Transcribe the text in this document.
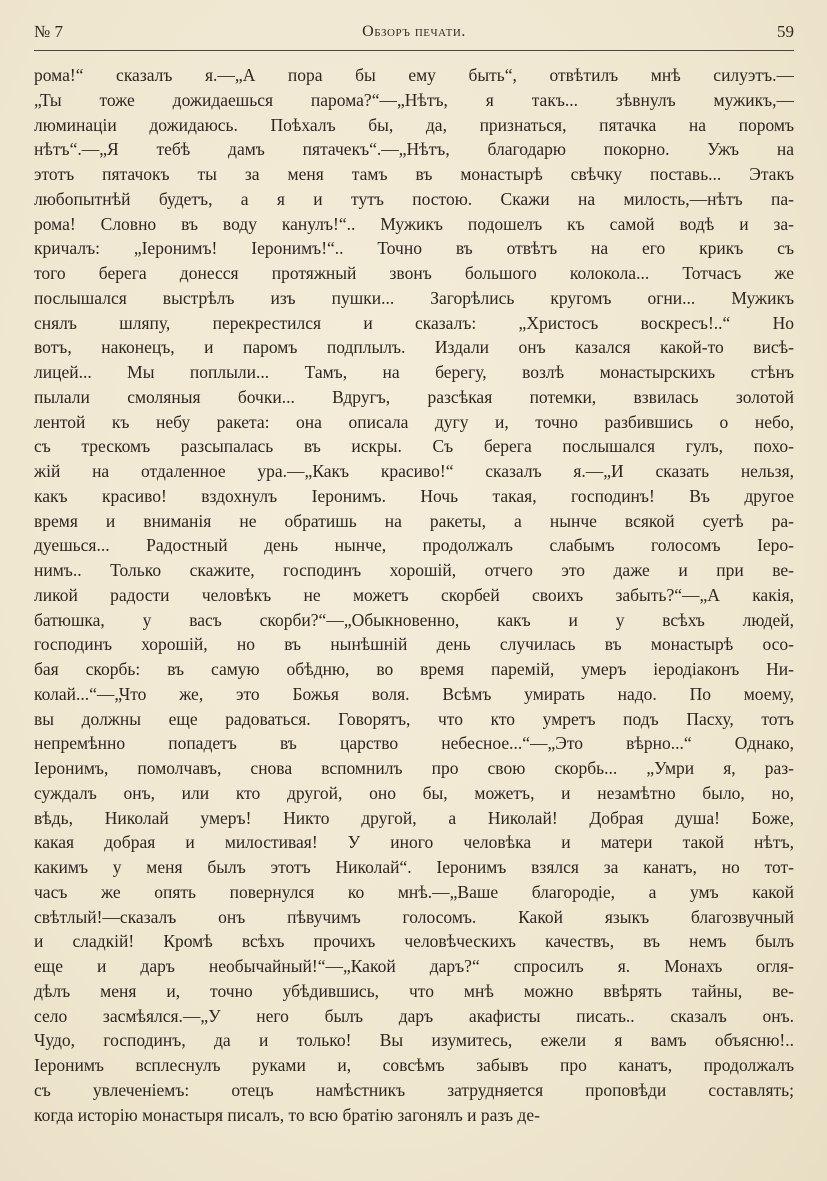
№ 7	Обзоръ печати.	59
рома!“ сказалъ я.—„А пора бы ему быть“, отвѣтилъ мнѣ силуэтъ.—
„Ты тоже дожидаешься парома?“—„Нѣтъ, я такъ... зѣвнулъ мужикъ,—
люминаціи дожидаюсь. Поѣхалъ бы, да, признаться, пятачка на поромъ
нѣтъ“.—„Я тебѣ дамъ пятачекъ“.—„Нѣтъ, благодарю покорно. Ужъ на
этотъ пятачокъ ты за меня тамъ въ монастырѣ свѣчку поставь... Этакъ
любопытнѣй будетъ, а я и тутъ постою. Скажи на милость,—нѣтъ па-
рома! Словно въ воду канулъ!“.. Мужикъ подошелъ къ самой водѣ и за-
кричалъ: „Іеронимъ! Іеронимъ!“.. Точно въ отвѣтъ на его крикъ съ
того берега донесся протяжный звонъ большого колокола... Тотчасъ же
послышался выстрѣлъ изъ пушки... Загорѣлись кругомъ огни... Мужикъ
снялъ шляпу, перекрестился и сказалъ: „Христосъ воскресъ!..“ Но
вотъ, наконецъ, и паромъ подплылъ. Издали онъ казался какой-то висѣ-
лицей... Мы поплыли... Тамъ, на берегу, возлѣ монастырскихъ стѣнъ
пылали смоляныя бочки... Вдругъ, разсѣкая потемки, взвилась золотой
лентой къ небу ракета: она описала дугу и, точно разбившись о небо,
съ трескомъ разсыпалась въ искры. Съ берега послышался гулъ, похо-
жій на отдаленное ура.—„Какъ красиво!“ сказалъ я.—„И сказать нельзя,
какъ красиво! вздохнулъ Іеронимъ. Ночь такая, господинъ! Въ другое
время и вниманія не обратишь на ракеты, а нынче всякой суетѣ ра-
дуешься... Радостный день нынче, продолжалъ слабымъ голосомъ Іеро-
нимъ.. Только скажите, господинъ хорошій, отчего это даже и при ве-
ликой радости человѣкъ не можетъ скорбей своихъ забыть?“—„А какія,
батюшка, у васъ скорби?“—„Обыкновенно, какъ и у всѣхъ людей,
господинъ хорошій, но въ нынѣшній день случилась въ монастырѣ осо-
бая скорбь: въ самую обѣдню, во время паремій, умеръ іеродіаконъ Ни-
колай...“—„Что же, это Божья воля. Всѣмъ умирать надо. По моему,
вы должны еще радоваться. Говорятъ, что кто умретъ подъ Пасху, тотъ
непремѣнно попадетъ въ царство небесное...“—„Это вѣрно...“ Однако,
Іеронимъ, помолчавъ, снова вспомнилъ про свою скорбь... „Умри я, раз-
суждалъ онъ, или кто другой, оно бы, можетъ, и незамѣтно было, но,
вѣдь, Николай умеръ! Никто другой, а Николай! Добрая душа! Боже,
какая добрая и милостивая! У иного человѣка и матери такой нѣтъ,
какимъ у меня былъ этотъ Николай“. Іеронимъ взялся за канатъ, но тот-
часъ же опять повернулся ко мнѣ.—„Ваше благородіе, а умъ какой
свѣтлый!—сказалъ онъ пѣвучимъ голосомъ. Какой языкъ благозвучный
и сладкій! Кромѣ всѣхъ прочихъ человѣческихъ качествъ, въ немъ былъ
еще и даръ необычайный!“—„Какой даръ?“ спросилъ я. Монахъ огля-
дѣлъ меня и, точно убѣдившись, что мнѣ можно ввѣрять тайны, ве-
село засмѣялся.—„У него былъ даръ акафисты писать.. сказалъ онъ.
Чудо, господинъ, да и только! Вы изумитесь, ежели я вамъ объясню!..
Іеронимъ всплеснулъ руками и, совсѣмъ забывъ про канатъ, продолжалъ
съ увлеченіемъ: отецъ намѣстникъ затрудняется проповѣди составлять;
когда исторію монастыря писалъ, то всю братію загонялъ и разъ де-
